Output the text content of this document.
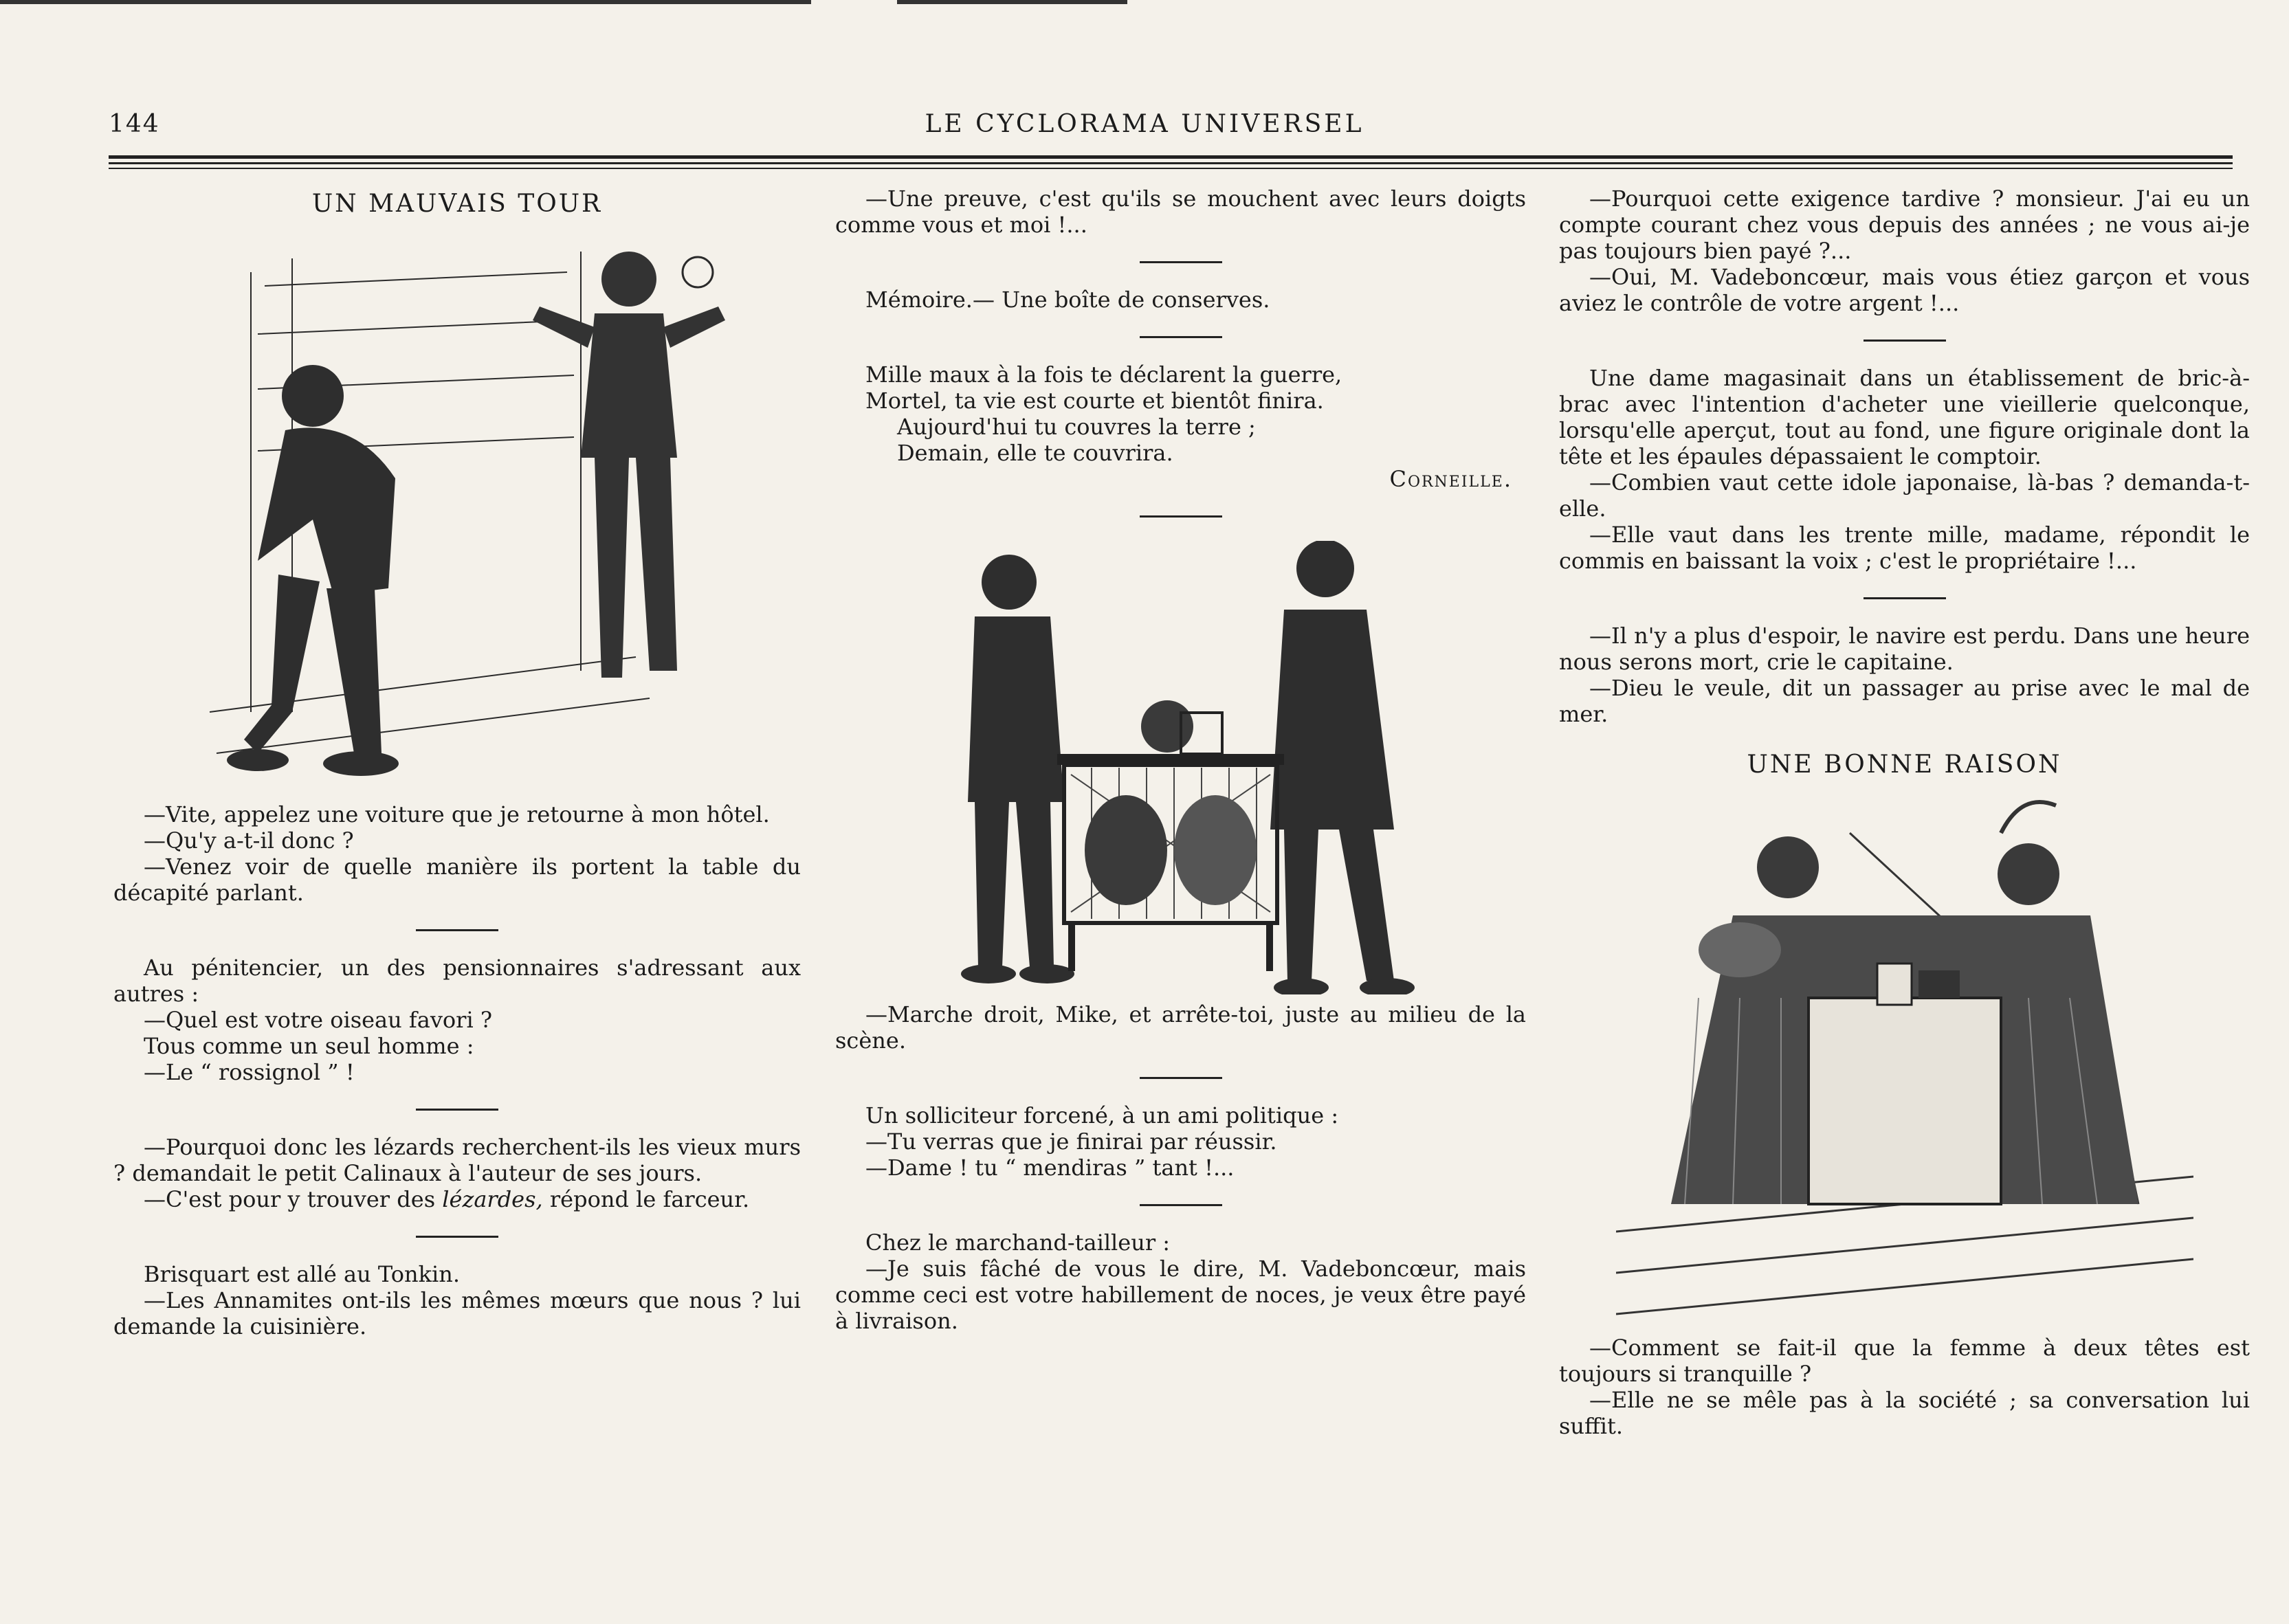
LE CYCLORAMA UNIVERSEL
144
UN MAUVAIS TOUR

—Vite, appelez une voiture que je retourne à mon hôtel.

—Qu'y a-t-il donc ?

—Venez voir de quelle manière ils portent la table du décapité parlant.

Au pénitencier, un des pensionnaires s'adressant aux autres :

—Quel est votre oiseau favori ?

Tous comme un seul homme :

—Le “ rossignol ” !

—Pourquoi donc les lézards recherchent-ils les vieux murs ? demandait le petit Calinaux à l'auteur de ses jours.

—C'est pour y trouver des lézardes, répond le farceur.

Brisquart est allé au Tonkin.

—Les Annamites ont-ils les mêmes mœurs que nous ? lui demande la cuisinière.

—Une preuve, c'est qu'ils se mouchent avec leurs doigts comme vous et moi !...

Mémoire.— Une boîte de conserves.

Mille maux à la fois te déclarent la guerre,

Mortel, ta vie est courte et bientôt finira.

Aujourd'hui tu couvres la terre ;

Demain, elle te couvrira.

Corneille.

—Marche droit, Mike, et arrête-toi, juste au milieu de la scène.

Un solliciteur forcené, à un ami politique :

—Tu verras que je finirai par réussir.

—Dame ! tu “ mendiras ” tant !...

Chez le marchand-tailleur :

—Je suis fâché de vous le dire, M. Vadeboncœur, mais comme ceci est votre habillement de noces, je veux être payé à livraison.

—Pourquoi cette exigence tardive ? monsieur. J'ai eu un compte courant chez vous depuis des années ; ne vous ai-je pas toujours bien payé ?...

—Oui, M. Vadeboncœur, mais vous étiez garçon et vous aviez le contrôle de votre argent !...

Une dame magasinait dans un établissement de bric-à-brac avec l'intention d'acheter une vieillerie quelconque, lorsqu'elle aperçut, tout au fond, une figure originale dont la tête et les épaules dépassaient le comptoir.

—Combien vaut cette idole japonaise, là-bas ? demanda-t-elle.

—Elle vaut dans les trente mille, madame, répondit le commis en baissant la voix ; c'est le propriétaire !...

—Il n'y a plus d'espoir, le navire est perdu. Dans une heure nous serons mort, crie le capitaine.

—Dieu le veule, dit un passager au prise avec le mal de mer.

UNE BONNE RAISON

—Comment se fait-il que la femme à deux têtes est toujours si tranquille ?

—Elle ne se mêle pas à la société ; sa conversation lui suffit.
